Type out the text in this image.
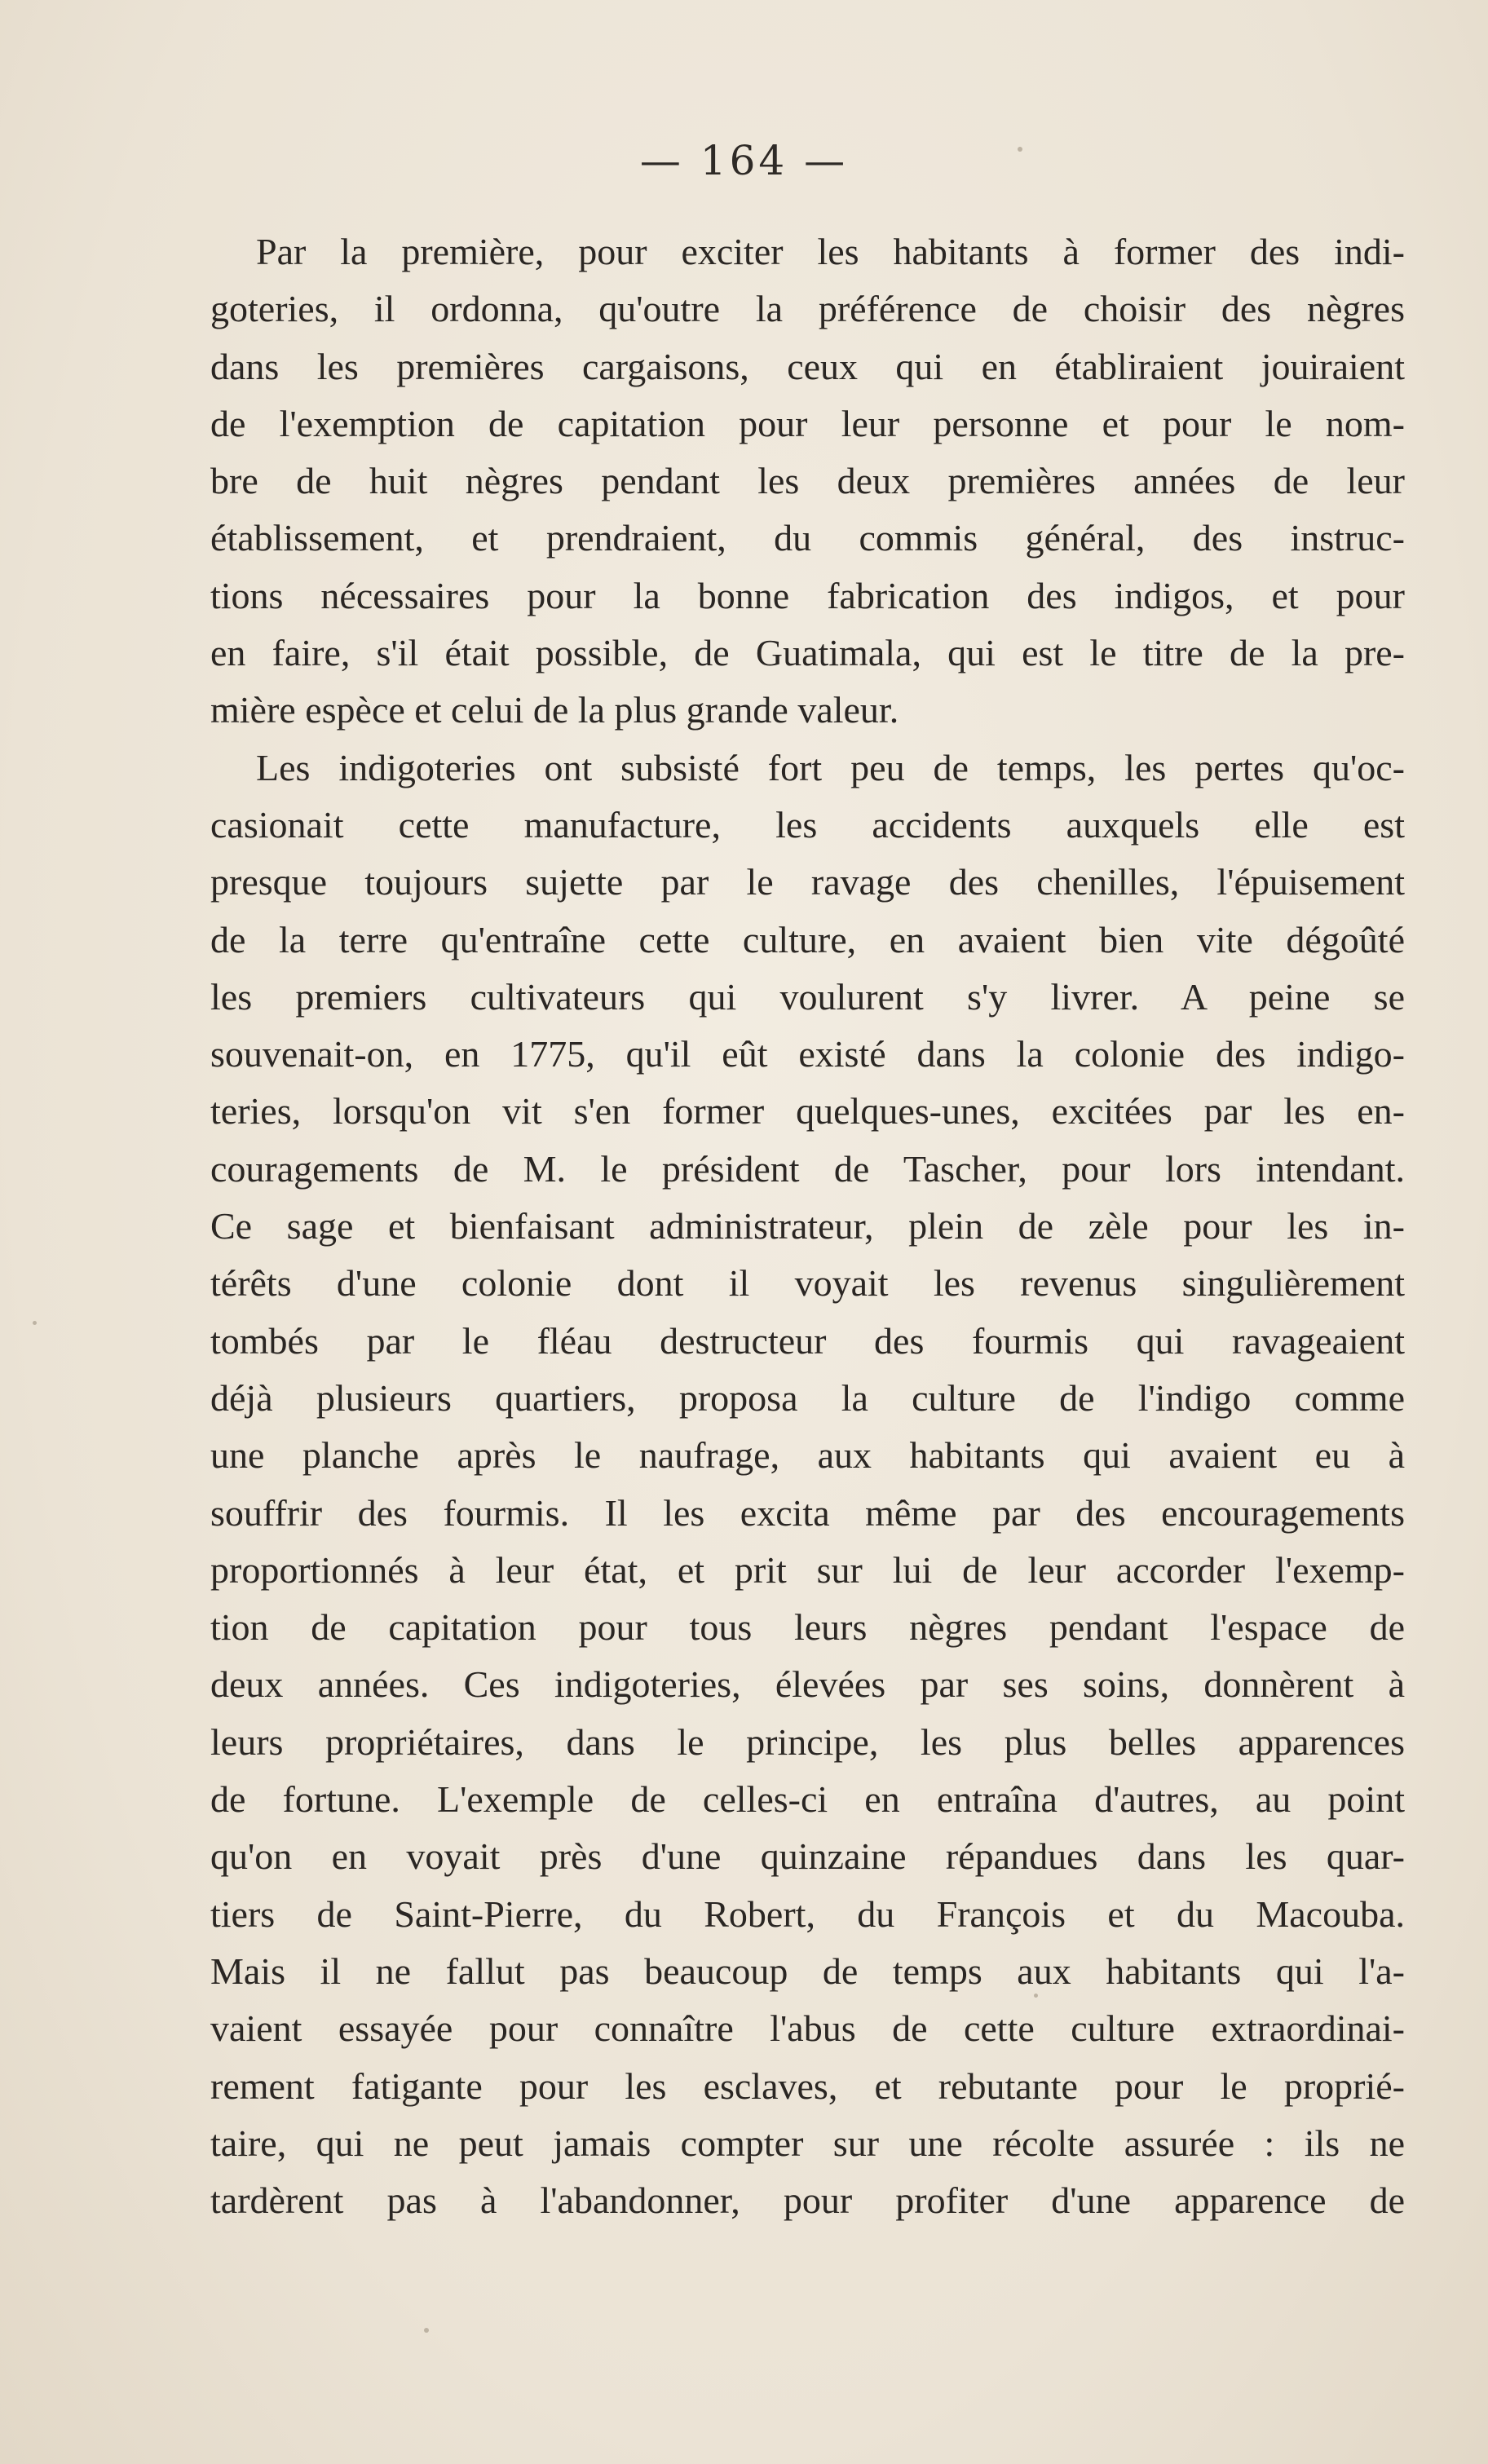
— 164 —
Par la première, pour exciter les habitants à former des indi-
goteries, il ordonna, qu'outre la préférence de choisir des nègres
dans les premières cargaisons, ceux qui en établiraient jouiraient
de l'exemption de capitation pour leur personne et pour le nom-
bre de huit nègres pendant les deux premières années de leur
établissement, et prendraient, du commis général, des instruc-
tions nécessaires pour la bonne fabrication des indigos, et pour
en faire, s'il était possible, de Guatimala, qui est le titre de la pre-
mière espèce et celui de la plus grande valeur.
Les indigoteries ont subsisté fort peu de temps, les pertes qu'oc-
casionait cette manufacture, les accidents auxquels elle est
presque toujours sujette par le ravage des chenilles, l'épuisement
de la terre qu'entraîne cette culture, en avaient bien vite dégoûté
les premiers cultivateurs qui voulurent s'y livrer. A peine se
souvenait-on, en 1775, qu'il eût existé dans la colonie des indigo-
teries, lorsqu'on vit s'en former quelques-unes, excitées par les en-
couragements de M. le président de Tascher, pour lors intendant.
Ce sage et bienfaisant administrateur, plein de zèle pour les in-
térêts d'une colonie dont il voyait les revenus singulièrement
tombés par le fléau destructeur des fourmis qui ravageaient
déjà plusieurs quartiers, proposa la culture de l'indigo comme
une planche après le naufrage, aux habitants qui avaient eu à
souffrir des fourmis. Il les excita même par des encouragements
proportionnés à leur état, et prit sur lui de leur accorder l'exemp-
tion de capitation pour tous leurs nègres pendant l'espace de
deux années. Ces indigoteries, élevées par ses soins, donnèrent à
leurs propriétaires, dans le principe, les plus belles apparences
de fortune. L'exemple de celles-ci en entraîna d'autres, au point
qu'on en voyait près d'une quinzaine répandues dans les quar-
tiers de Saint-Pierre, du Robert, du François et du Macouba.
Mais il ne fallut pas beaucoup de temps aux habitants qui l'a-
vaient essayée pour connaître l'abus de cette culture extraordinai-
rement fatigante pour les esclaves, et rebutante pour le proprié-
taire, qui ne peut jamais compter sur une récolte assurée : ils ne
tardèrent pas à l'abandonner, pour profiter d'une apparence de
